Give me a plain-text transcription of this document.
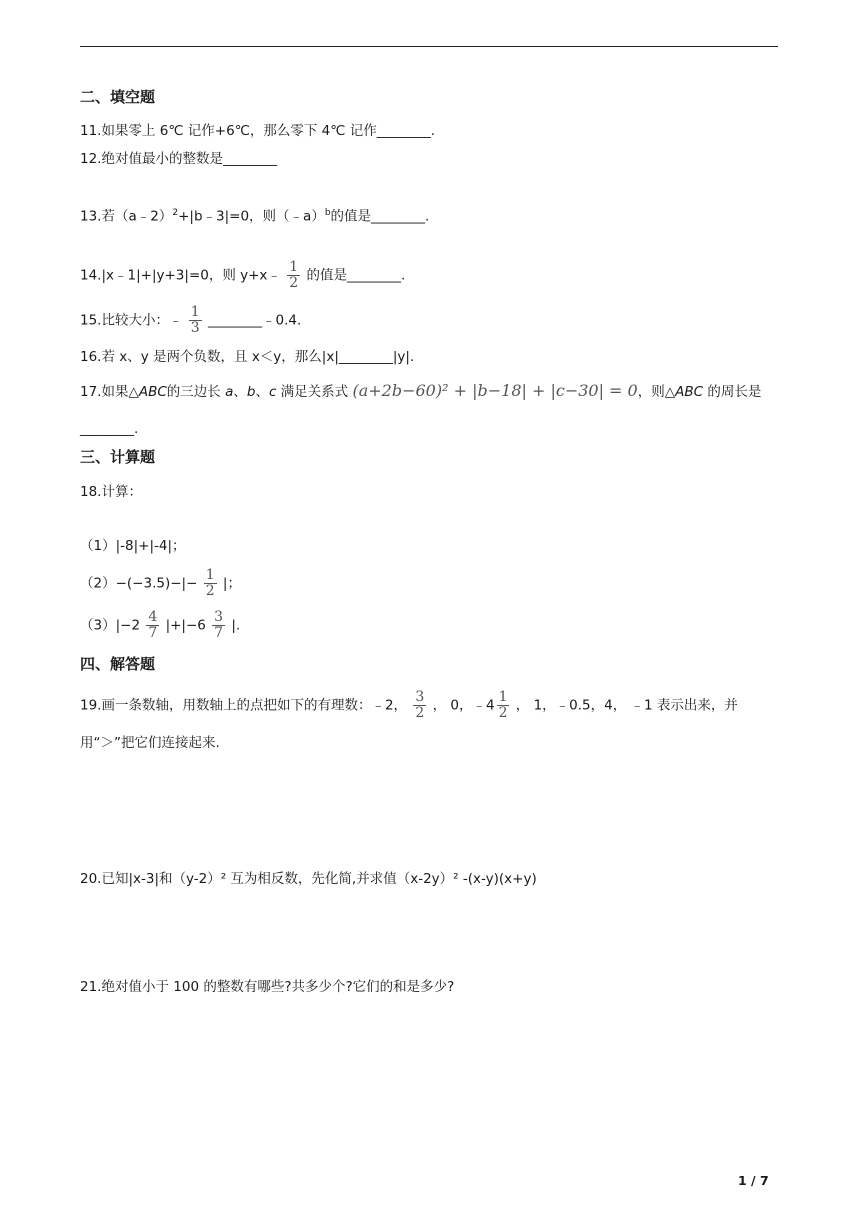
二、填空题
11.如果零上 6℃ 记作+6℃，那么零下 4℃ 记作________.
12.绝对值最小的整数是________
13.若（a﹣2）$^2$+|b﹣3|=0，则（﹣a）$^b$的值是________.
14.|x﹣1|+|y+3|=0，则 y+x﹣ $\frac{1}{2}$ 的值是________.
15.比较大小：﹣ $\frac{1}{3}$ ________﹣0.4.
16.若 x、y 是两个负数，且 x＜y，那么|x|________|y|.
17.如果△ABC的三边长 a、b、c 满足关系式 (a+2b−60)² + |b−18| + |c−30| = 0，则△ABC 的周长是
________.
三、计算题
18.计算：
（1）|-8|+|-4|；
$(2)-(-3.5)-|- \frac{1}{2}$ |；
$(3)|-2 \frac{4}{7} |+|-6 \frac{3}{7}$ |.
四、解答题
19.画一条数轴，用数轴上的点把如下的有理数：﹣2， $\frac{3}{2}$ ， 0，﹣4 $\frac{1}{2}$ ， 1，﹣0.5，4， ﹣1 表示出来，并
用“＞”把它们连接起来.
20.已知|x-3|和（y-2）² 互为相反数，先化简,并求值（x-2y）² -(x-y)(x+y)
21.绝对值小于 100 的整数有哪些?共多少个?它们的和是多少?
1 / 7
